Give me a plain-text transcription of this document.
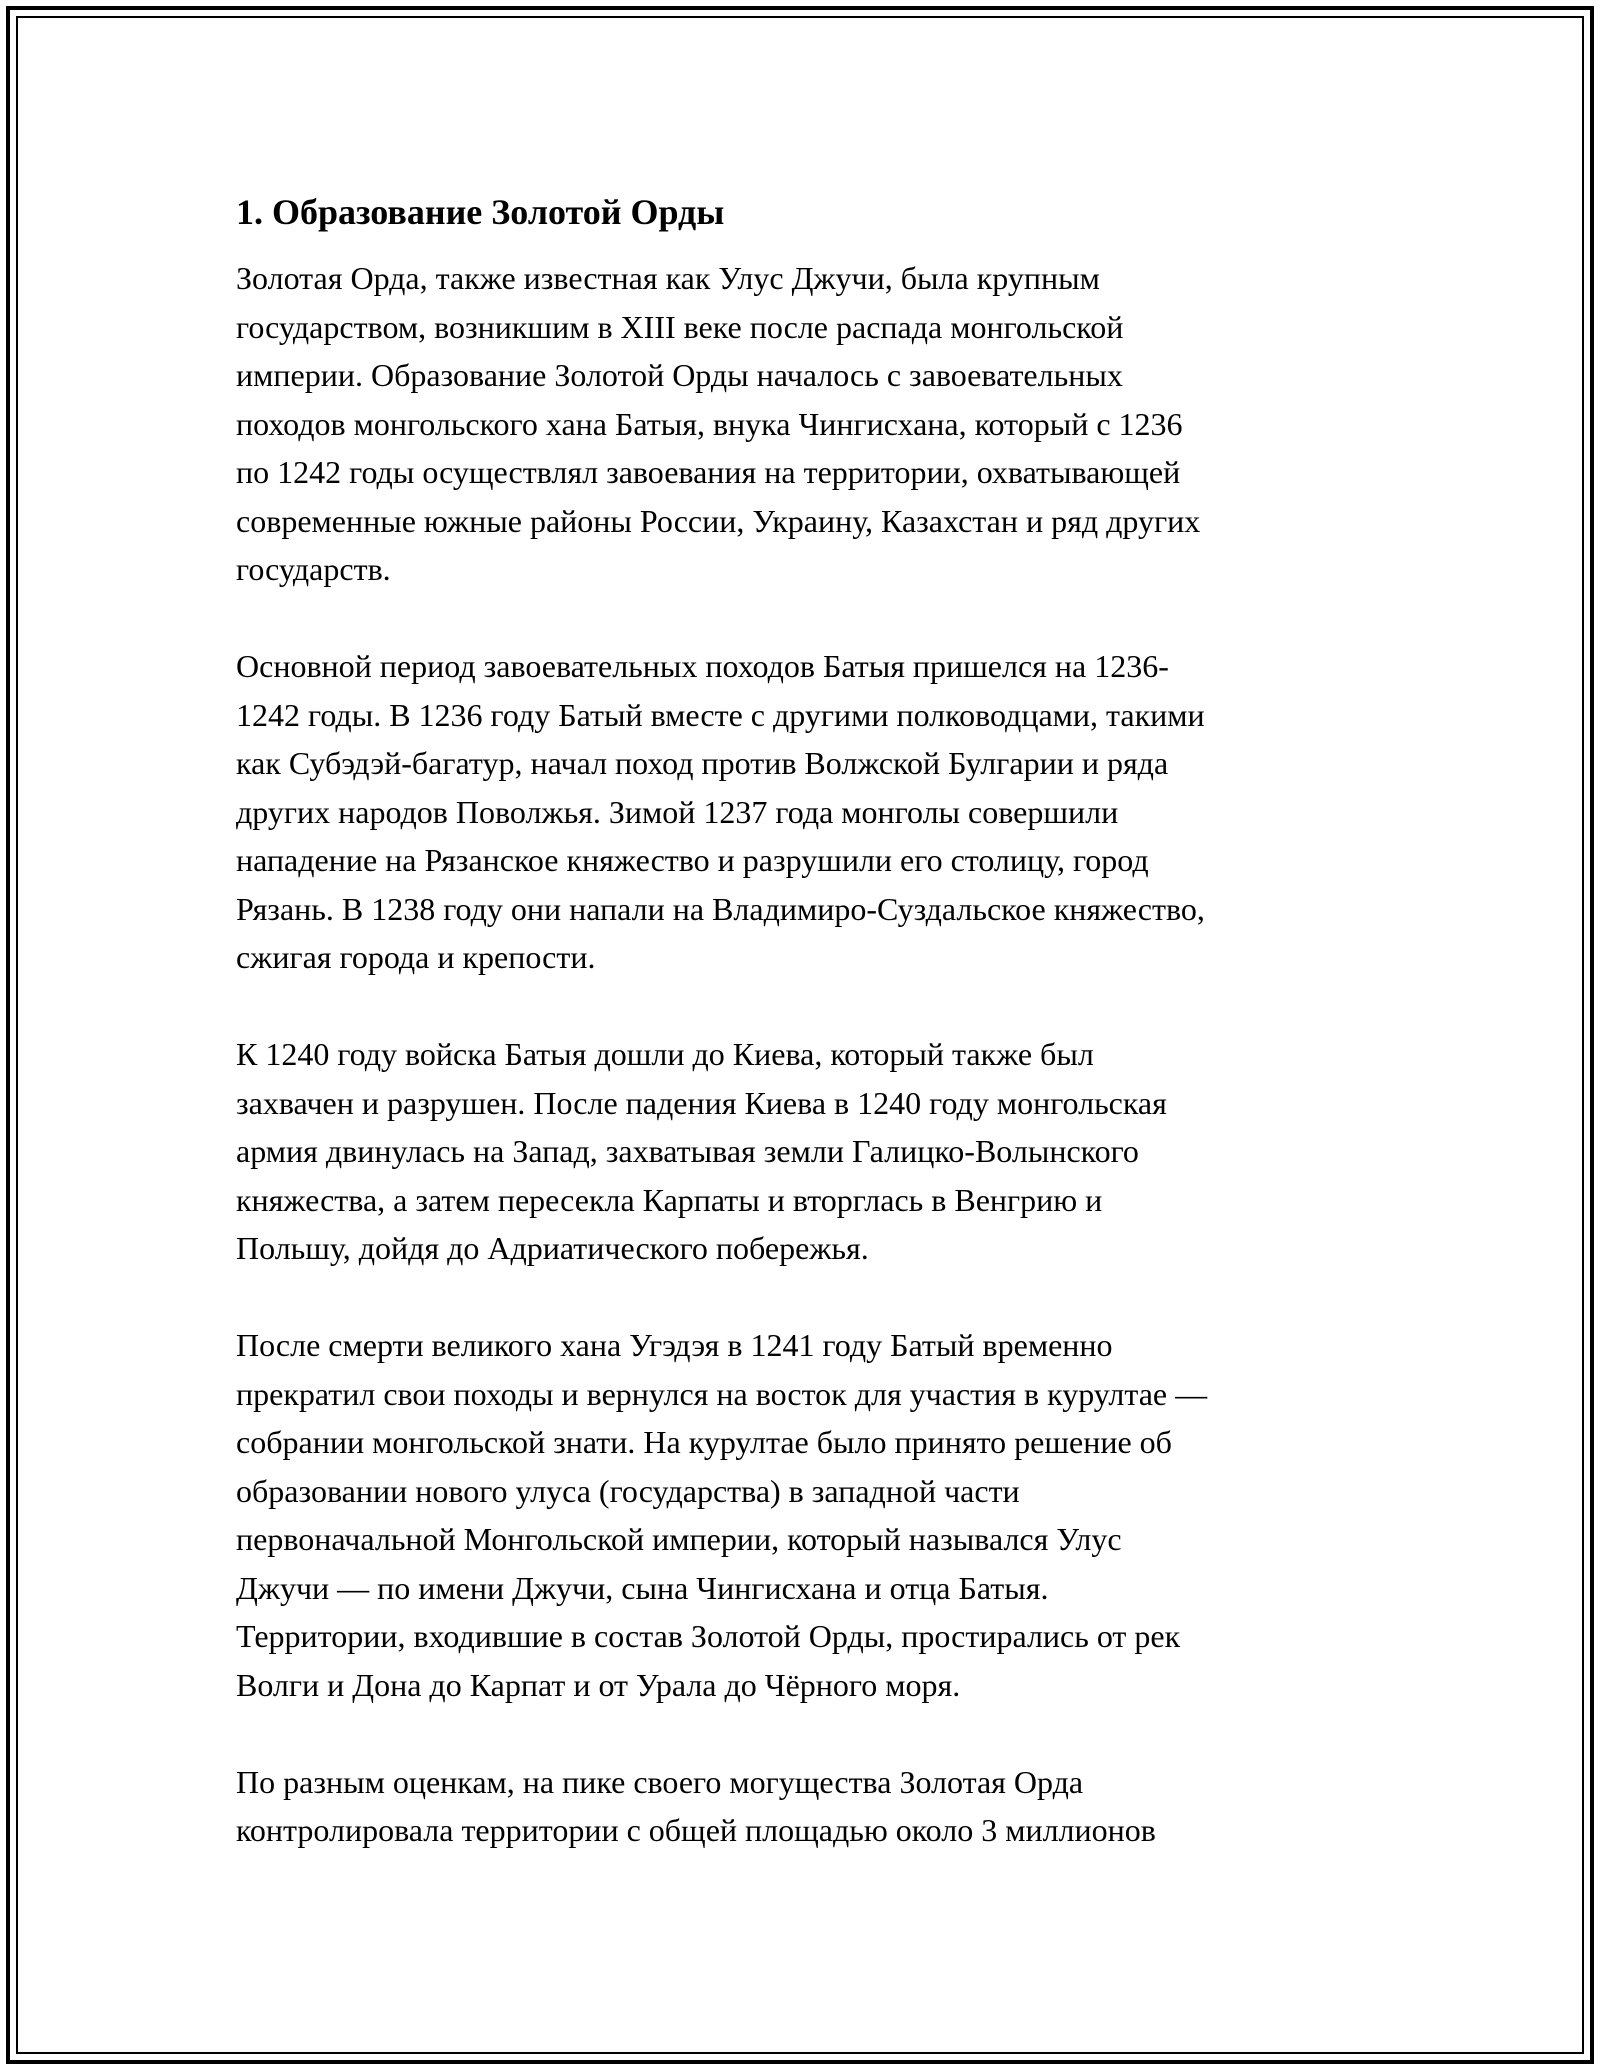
1. Образование Золотой Орды

Золотая Орда, также известная как Улус Джучи, была крупным
государством, возникшим в XIII веке после распада монгольской
империи. Образование Золотой Орды началось с завоевательных
походов монгольского хана Батыя, внука Чингисхана, который с 1236
по 1242 годы осуществлял завоевания на территории, охватывающей
современные южные районы России, Украину, Казахстан и ряд других
государств.

Основной период завоевательных походов Батыя пришелся на 1236-
1242 годы. В 1236 году Батый вместе с другими полководцами, такими
как Субэдэй-багатур, начал поход против Волжской Булгарии и ряда
других народов Поволжья. Зимой 1237 года монголы совершили
нападение на Рязанское княжество и разрушили его столицу, город
Рязань. В 1238 году они напали на Владимиро-Суздальское княжество,
сжигая города и крепости.

К 1240 году войска Батыя дошли до Киева, который также был
захвачен и разрушен. После падения Киева в 1240 году монгольская
армия двинулась на Запад, захватывая земли Галицко-Волынского
княжества, а затем пересекла Карпаты и вторглась в Венгрию и
Польшу, дойдя до Адриатического побережья.

После смерти великого хана Угэдэя в 1241 году Батый временно
прекратил свои походы и вернулся на восток для участия в курултае —
собрании монгольской знати. На курултае было принято решение об
образовании нового улуса (государства) в западной части
первоначальной Монгольской империи, который назывался Улус
Джучи — по имени Джучи, сына Чингисхана и отца Батыя.
Территории, входившие в состав Золотой Орды, простирались от рек
Волги и Дона до Карпат и от Урала до Чёрного моря.

По разным оценкам, на пике своего могущества Золотая Орда
контролировала территории с общей площадью около 3 миллионов
